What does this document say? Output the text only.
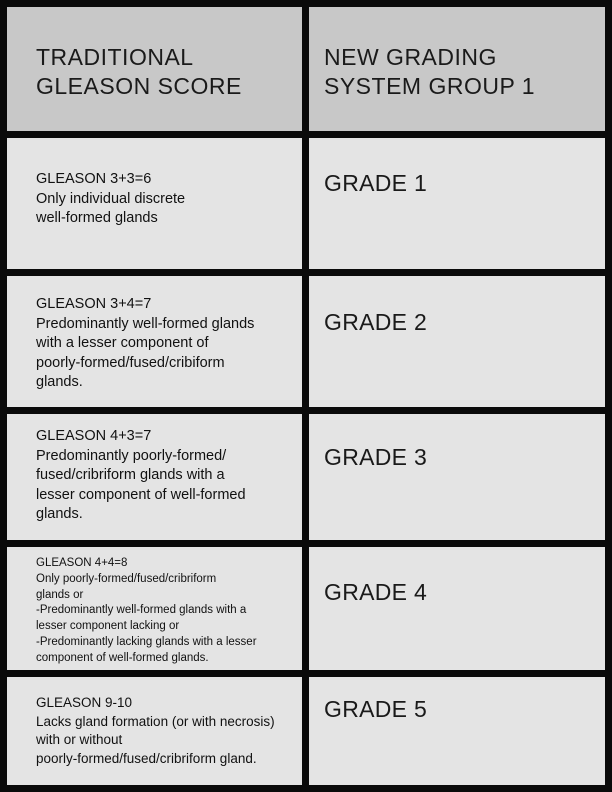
TRADITIONAL
GLEASON SCORE
NEW GRADING
SYSTEM GROUP 1
GLEASON 3+3=6
Only individual discrete
well-formed glands
GRADE 1
GLEASON 3+4=7
Predominantly well-formed glands
with a lesser component of
poorly-formed/fused/cribiform
glands.
GRADE 2
GLEASON 4+3=7
Predominantly poorly-formed/
fused/cribriform glands with a
lesser component of well-formed
glands.
GRADE 3
GLEASON 4+4=8
Only poorly-formed/fused/cribriform
glands or
-Predominantly well-formed glands with a
lesser component lacking or
-Predominantly lacking glands with a lesser
component of well-formed glands.
GRADE 4
GLEASON 9-10
Lacks gland formation (or with necrosis)
with or without
poorly-formed/fused/cribriform gland.
GRADE 5
